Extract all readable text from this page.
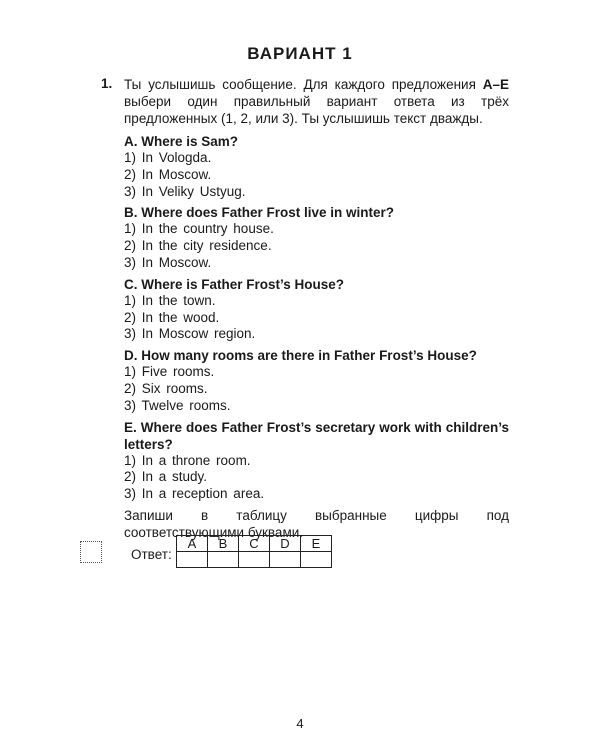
ВАРИАНТ 1
1. Ты услышишь сообщение. Для каждого предложения A–E выбери один правильный вариант ответа из трёх предложенных (1, 2, или 3). Ты услышишь текст дважды.
A. Where is Sam?
1) In Vologda.
2) In Moscow.
3) In Veliky Ustyug.
B. Where does Father Frost live in winter?
1) In the country house.
2) In the city residence.
3) In Moscow.
C. Where is Father Frost’s House?
1) In the town.
2) In the wood.
3) In Moscow region.
D. How many rooms are there in Father Frost’s House?
1) Five rooms.
2) Six rooms.
3) Twelve rooms.
E. Where does Father Frost’s secretary work with children’s letters?
1) In a throne room.
2) In a study.
3) In a reception area.
Запиши в таблицу выбранные цифры под соответствующими буквами.
Ответ:
A	B	C	D	E

4
